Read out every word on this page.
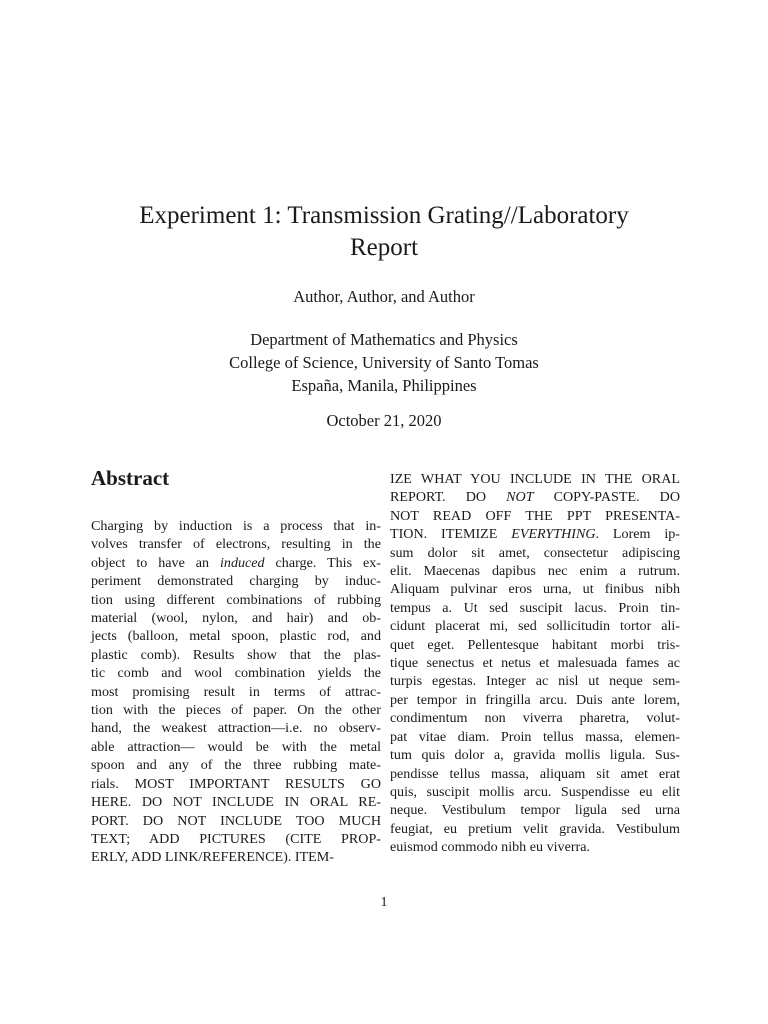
Experiment 1: Transmission Grating//Laboratory
Report

Author, Author, and Author

Department of Mathematics and Physics
College of Science, University of Santo Tomas
España, Manila, Philippines

October 21, 2020

Abstract
Charging by induction is a process that in-
volves transfer of electrons, resulting in the
object to have an induced charge. This ex-
periment demonstrated charging by induc-
tion using different combinations of rubbing
material (wool, nylon, and hair) and ob-
jects (balloon, metal spoon, plastic rod, and
plastic comb). Results show that the plas-
tic comb and wool combination yields the
most promising result in terms of attrac-
tion with the pieces of paper. On the other
hand, the weakest attraction—i.e. no observ-
able attraction— would be with the metal
spoon and any of the three rubbing mate-
rials. MOST IMPORTANT RESULTS GO
HERE. DO NOT INCLUDE IN ORAL RE-
PORT. DO NOT INCLUDE TOO MUCH
TEXT; ADD PICTURES (CITE PROP-
ERLY, ADD LINK/REFERENCE). ITEM-
IZE WHAT YOU INCLUDE IN THE ORAL
REPORT. DO NOT COPY-PASTE. DO
NOT READ OFF THE PPT PRESENTA-
TION. ITEMIZE EVERYTHING. Lorem ip-
sum dolor sit amet, consectetur adipiscing
elit. Maecenas dapibus nec enim a rutrum.
Aliquam pulvinar eros urna, ut finibus nibh
tempus a. Ut sed suscipit lacus. Proin tin-
cidunt placerat mi, sed sollicitudin tortor ali-
quet eget. Pellentesque habitant morbi tris-
tique senectus et netus et malesuada fames ac
turpis egestas. Integer ac nisl ut neque sem-
per tempor in fringilla arcu. Duis ante lorem,
condimentum non viverra pharetra, volut-
pat vitae diam. Proin tellus massa, elemen-
tum quis dolor a, gravida mollis ligula. Sus-
pendisse tellus massa, aliquam sit amet erat
quis, suscipit mollis arcu. Suspendisse eu elit
neque. Vestibulum tempor ligula sed urna
feugiat, eu pretium velit gravida. Vestibulum
euismod commodo nibh eu viverra.
1
